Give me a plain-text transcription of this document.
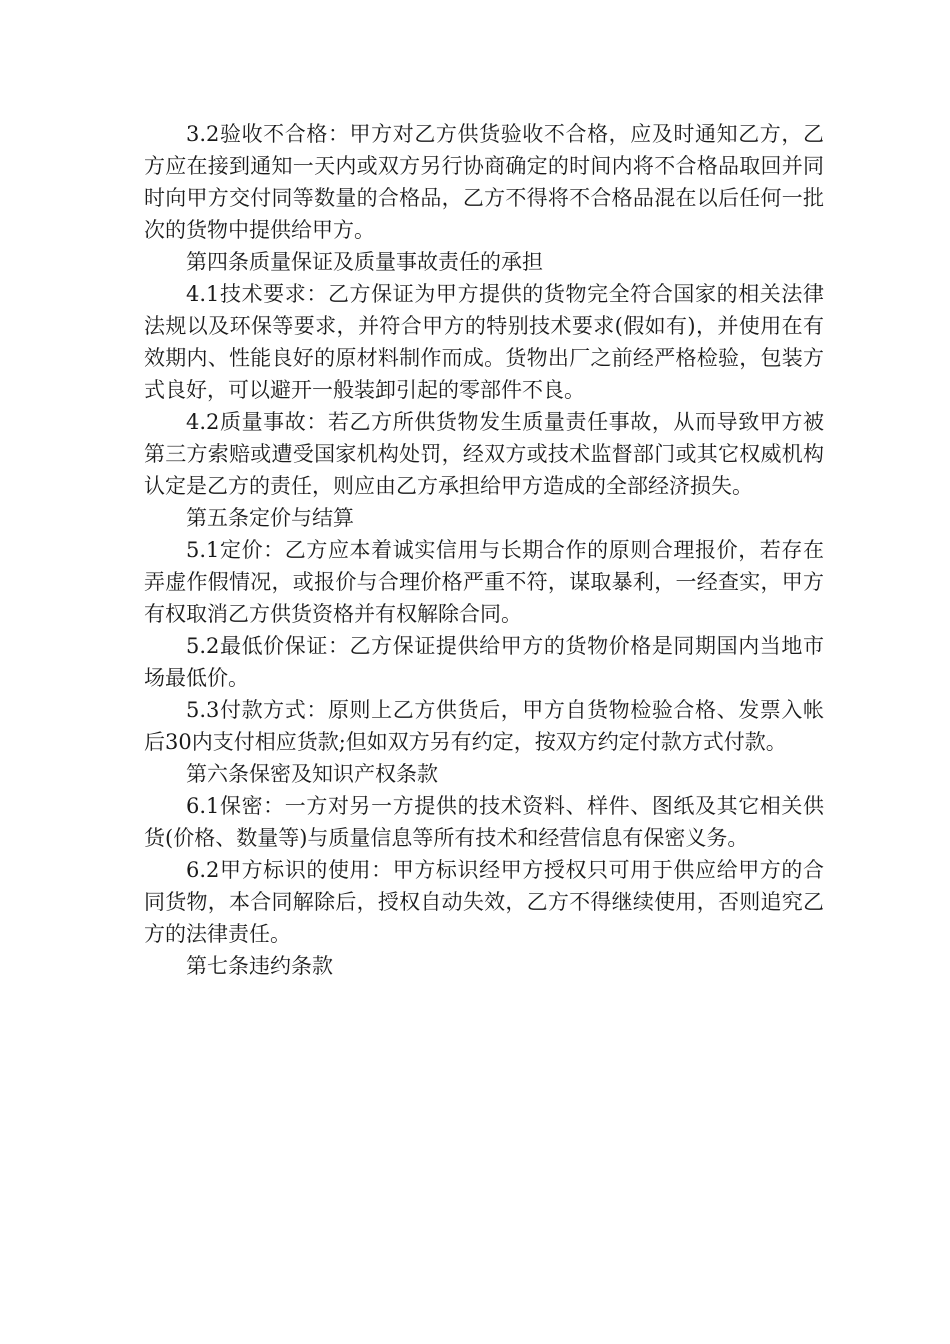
3.2验收不合格：甲方对乙方供货验收不合格，应及时通知乙方，乙方应在接到通知一天内或双方另行协商确定的时间内将不合格品取回并同时向甲方交付同等数量的合格品，乙方不得将不合格品混在以后任何一批次的货物中提供给甲方。

第四条质量保证及质量事故责任的承担

4.1技术要求：乙方保证为甲方提供的货物完全符合国家的相关法律法规以及环保等要求，并符合甲方的特别技术要求(假如有)，并使用在有效期内、性能良好的原材料制作而成。货物出厂之前经严格检验，包装方式良好，可以避开一般装卸引起的零部件不良。

4.2质量事故：若乙方所供货物发生质量责任事故，从而导致甲方被第三方索赔或遭受国家机构处罚，经双方或技术监督部门或其它权威机构认定是乙方的责任，则应由乙方承担给甲方造成的全部经济损失。

第五条定价与结算

5.1定价：乙方应本着诚实信用与长期合作的原则合理报价，若存在弄虚作假情况，或报价与合理价格严重不符，谋取暴利，一经查实，甲方有权取消乙方供货资格并有权解除合同。

5.2最低价保证：乙方保证提供给甲方的货物价格是同期国内当地市场最低价。

5.3付款方式：原则上乙方供货后，甲方自货物检验合格、发票入帐后30内支付相应货款;但如双方另有约定，按双方约定付款方式付款。

第六条保密及知识产权条款

6.1保密：一方对另一方提供的技术资料、样件、图纸及其它相关供货(价格、数量等)与质量信息等所有技术和经营信息有保密义务。

6.2甲方标识的使用：甲方标识经甲方授权只可用于供应给甲方的合同货物，本合同解除后，授权自动失效，乙方不得继续使用，否则追究乙方的法律责任。

第七条违约条款
